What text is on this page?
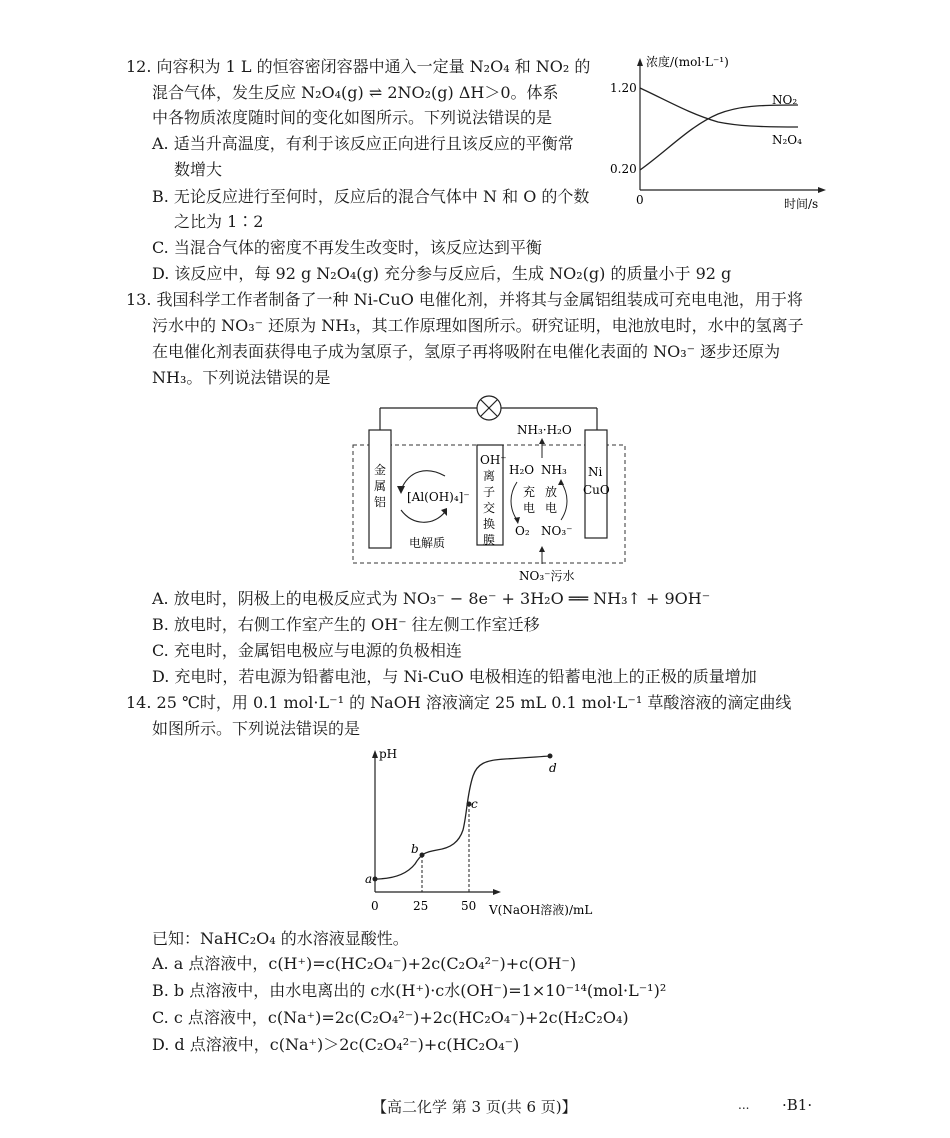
12. 向容积为 1 L 的恒容密闭容器中通入一定量 N₂O₄ 和 NO₂ 的
混合气体，发生反应 N₂O₄(g) ⇌ 2NO₂(g) ΔH＞0。体系
中各物质浓度随时间的变化如图所示。下列说法错误的是
A. 适当升高温度，有利于该反应正向进行且该反应的平衡常
数增大
B. 无论反应进行至何时，反应后的混合气体中 N 和 O 的个数
之比为 1∶2
C. 当混合气体的密度不再发生改变时，该反应达到平衡
D. 该反应中，每 92 g N₂O₄(g) 充分参与反应后，生成 NO₂(g) 的质量小于 92 g
浓度/(mol·L⁻¹)
1.20
0.20
0	时间/s
NO₂
N₂O₄
13. 我国科学工作者制备了一种 Ni-CuO 电催化剂，并将其与金属铝组装成可充电电池，用于将
污水中的 NO₃⁻ 还原为 NH₃，其工作原理如图所示。研究证明，电池放电时，水中的氢离子
在电催化剂表面获得电子成为氢原子，氢原子再将吸附在电催化表面的 NO₃⁻ 逐步还原为
NH₃。下列说法错误的是
金
属
铝
OH⁻
离
子
交
换
膜
Ni
CuO
[Al(OH)₄]⁻
电解质
NH₃·H₂O
H₂O NH₃
充
电
放
电
O₂ NO₃⁻
NO₃⁻污水
A. 放电时，阴极上的电极反应式为 NO₃⁻ − 8e⁻ + 3H₂O ══ NH₃↑ + 9OH⁻
B. 放电时，右侧工作室产生的 OH⁻ 往左侧工作室迁移
C. 充电时，金属铝电极应与电源的负极相连
D. 充电时，若电源为铅蓄电池，与 Ni-CuO 电极相连的铅蓄电池上的正极的质量增加
14. 25 ℃时，用 0.1 mol·L⁻¹ 的 NaOH 溶液滴定 25 mL 0.1 mol·L⁻¹ 草酸溶液的滴定曲线
如图所示。下列说法错误的是
pH
0	25	50 V(NaOH溶液)/mL
a
b
c
d
已知：NaHC₂O₄ 的水溶液显酸性。
A. a 点溶液中，c(H⁺)=c(HC₂O₄⁻)+2c(C₂O₄²⁻)+c(OH⁻)
B. b 点溶液中，由水电离出的 c水(H⁺)·c水(OH⁻)=1×10⁻¹⁴(mol·L⁻¹)²
C. c 点溶液中，c(Na⁺)=2c(C₂O₄²⁻)+2c(HC₂O₄⁻)+2c(H₂C₂O₄)
D. d 点溶液中，c(Na⁺)＞2c(C₂O₄²⁻)+c(HC₂O₄⁻)
【高二化学 第 3 页(共 6 页)】	... ·B1·
